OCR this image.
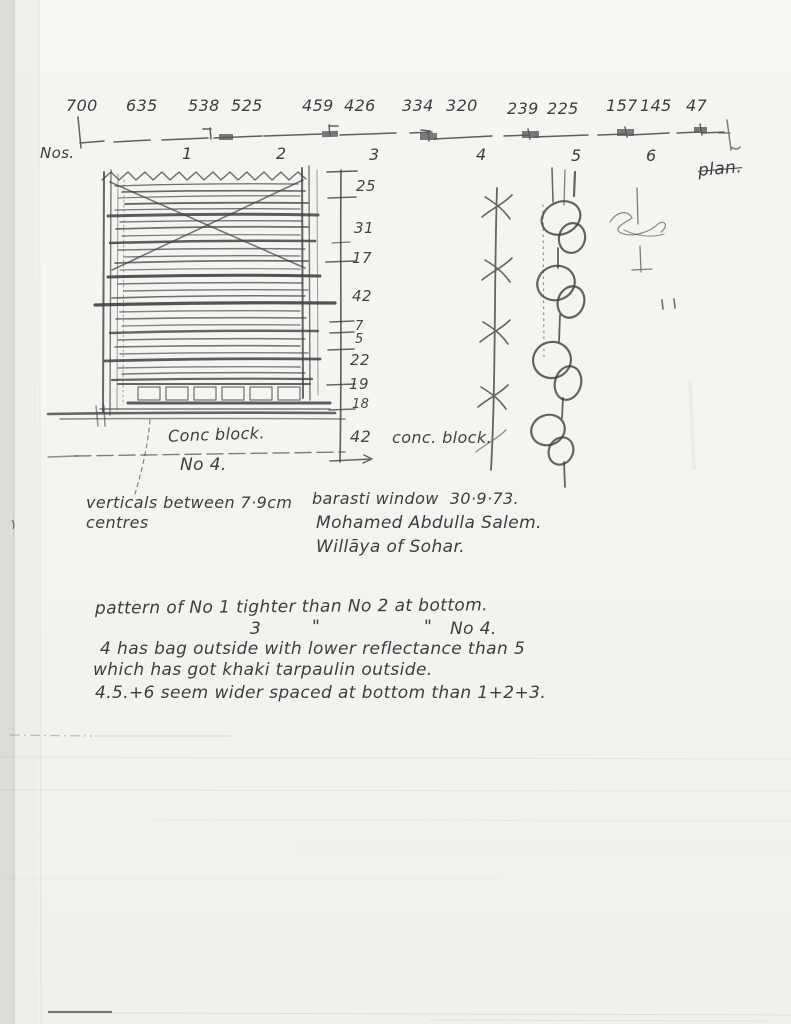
700 635 538 525 459 426 334 320 239 225 157 145 47
1	2	3	4	5	6
Nos.
plan.
25
31
17
42
7
5
22
19
18
42 conc. block.
Conc block.
No 4.
verticals between 7·9cm
centres
barasti window  30·9·73.
Mohamed Abdulla Salem.
Willāya of Sohar.
pattern of No 1 tighter than No 2 at bottom.
3	"	" No 4.
4 has bag outside with lower reflectance than 5
which has got khaki tarpaulin outside.
4.5.+6 seem wider spaced at bottom than 1+2+3.
